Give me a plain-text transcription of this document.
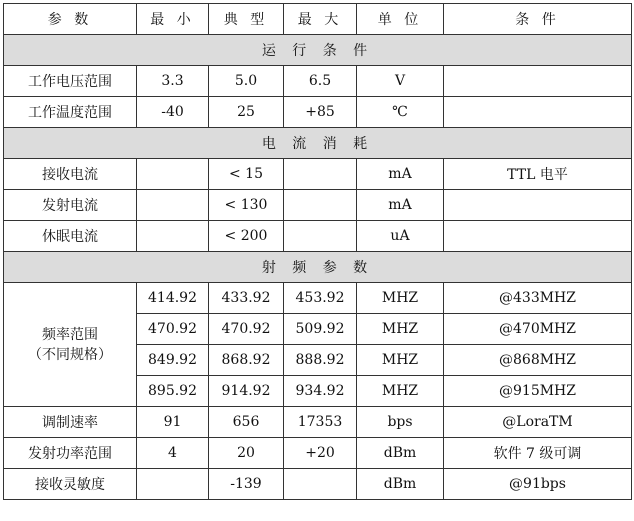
参 数	最 小	典 型	最 大	单 位	条 件
运 行 条 件					
工作电压范围	3.3	5.0	6.5	V	
工作温度范围	-40	25	+85	℃	
电 流 消 耗					
接收电流		< 15		mA	TTL 电平
发射电流		< 130		mA	
休眠电流		< 200		uA	
射 频 参 数					

频率范围
（不同规格）	414.92	433.92	453.92	MHZ	@433MHZ
	470.92	470.92	509.92	MHZ	@470MHZ
	849.92	868.92	888.92	MHZ	@868MHZ
	895.92	914.92	934.92	MHZ	@915MHZ
调制速率	91	656	17353	bps	@LoraTM
发射功率范围	4	20	+20	dBm	软件 7 级可调
接收灵敏度		-139		dBm	@91bps
